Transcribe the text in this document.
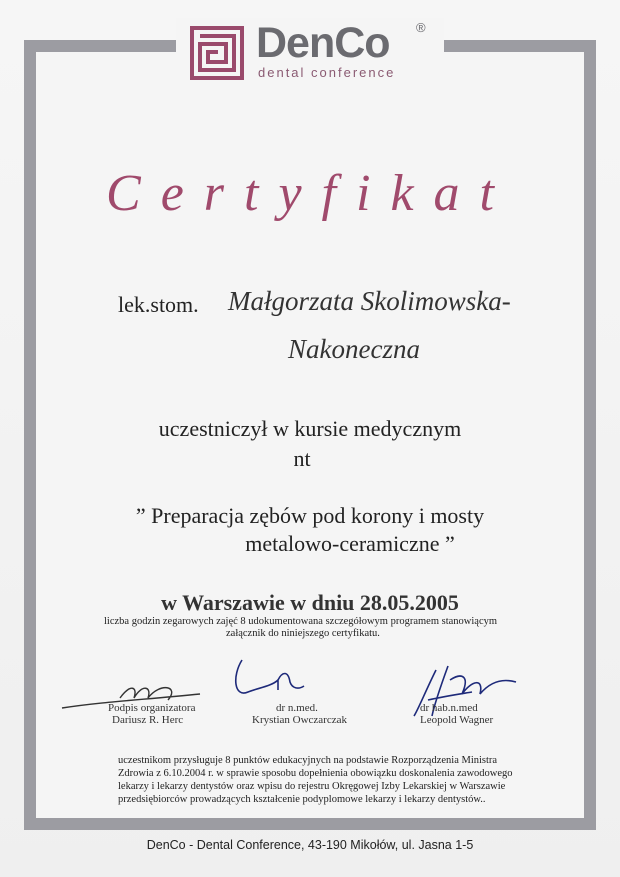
DenCo ®
dental conference
Certyfikat
lek.stom. Małgorzata Skolimowska-
Nakoneczna
uczestniczył w kursie medycznym
nt
” Preparacja zębów pod korony i mosty
metalowo-ceramiczne ”
w Warszawie w dniu 28.05.2005
liczba godzin zegarowych zajęć 8 udokumentowana szczegółowym programem stanowiącym
załącznik do niniejszego certyfikatu.
Podpis organizatora
Dariusz R. Herc
dr n.med.
Krystian Owczarczak
dr hab.n.med
Leopold Wagner
uczestnikom przysługuje 8 punktów edukacyjnych na podstawie Rozporządzenia Ministra
Zdrowia z 6.10.2004 r. w sprawie sposobu dopełnienia obowiązku doskonalenia zawodowego
lekarzy i lekarzy dentystów oraz wpisu do rejestru Okręgowej Izby Lekarskiej w Warszawie
przedsiębiorców prowadzących kształcenie podyplomowe lekarzy i lekarzy dentystów..
DenCo - Dental Conference, 43-190 Mikołów, ul. Jasna 1-5
